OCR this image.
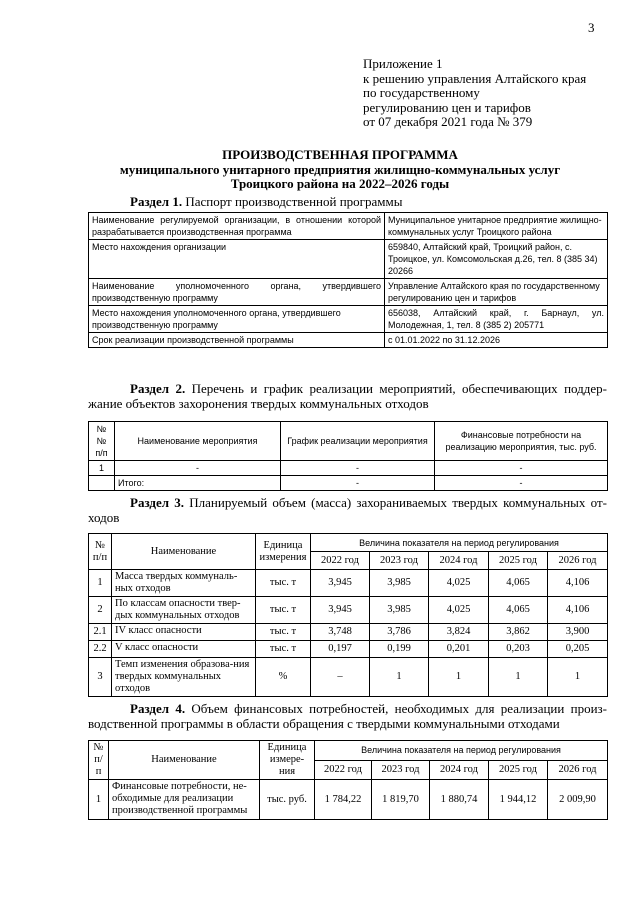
3
Приложение 1
к решению управления Алтайского края
по государственному
регулированию цен и тарифов
от 07 декабря 2021 года № 379
ПРОИЗВОДСТВЕННАЯ ПРОГРАММА
муниципального унитарного предприятия жилищно-коммунальных услуг
Троицкого района на 2022–2026 годы
Раздел 1. Паспорт производственной программы
Наименование регулируемой организации, в отношении которой разрабатывается производственная программа	Муниципальное унитарное предприятие жилищно-коммунальных услуг Троицкого района
Место нахождения организации	659840, Алтайский край, Троицкий район, с. Троицкое, ул. Комсомольская д.26, тел. 8 (385 34) 20266
Наименование уполномоченного органа, утвердившего производственную программу	Управление Алтайского края по государственному регулированию цен и тарифов
Место нахождения уполномоченного органа, утвердившего производственную программу	656038, Алтайский край, г. Барнаул, ул. Молодежная, 1, тел. 8 (385 2) 205771
Срок реализации производственной программы	с 01.01.2022 по 31.12.2026
Раздел 2. Перечень и график реализации мероприятий, обеспечивающих поддер-жание объектов захоронения твердых коммунальных отходов
№№ п/п	Наименование мероприятия	График реализации мероприятия	Финансовые потребности на реализацию мероприятия, тыс. руб.
1	-	-	-
	Итого:	-	-
Раздел 3. Планируемый объем (масса) захораниваемых твердых коммунальных от-ходов
№ п/п	Наименование	Единица измерения	Величина показателя на период регулирования				
			2022 год	2023 год	2024 год	2025 год	2026 год
1	Масса твердых коммуналь-ных отходов	тыс. т	3,945	3,985	4,025	4,065	4,106
2	По классам опасности твер-дых коммунальных отходов	тыс. т	3,945	3,985	4,025	4,065	4,106
2.1	IV класс опасности	тыс. т	3,748	3,786	3,824	3,862	3,900
2.2	V класс опасности	тыс. т	0,197	0,199	0,201	0,203	0,205
3	Темп изменения образова-ния твердых коммунальных отходов	%	–	1	1	1	1
Раздел 4. Объем финансовых потребностей, необходимых для реализации произ-водственной программы в области обращения с твердыми коммунальными отходами
№ п/ п	Наименование	Единица измере-ния	Величина показателя на период регулирования				
			2022 год	2023 год	2024 год	2025 год	2026 год
1	Финансовые потребности, не-обходимые для реализации производственной программы	тыс. руб.	1 784,22	1 819,70	1 880,74	1 944,12	2 009,90
